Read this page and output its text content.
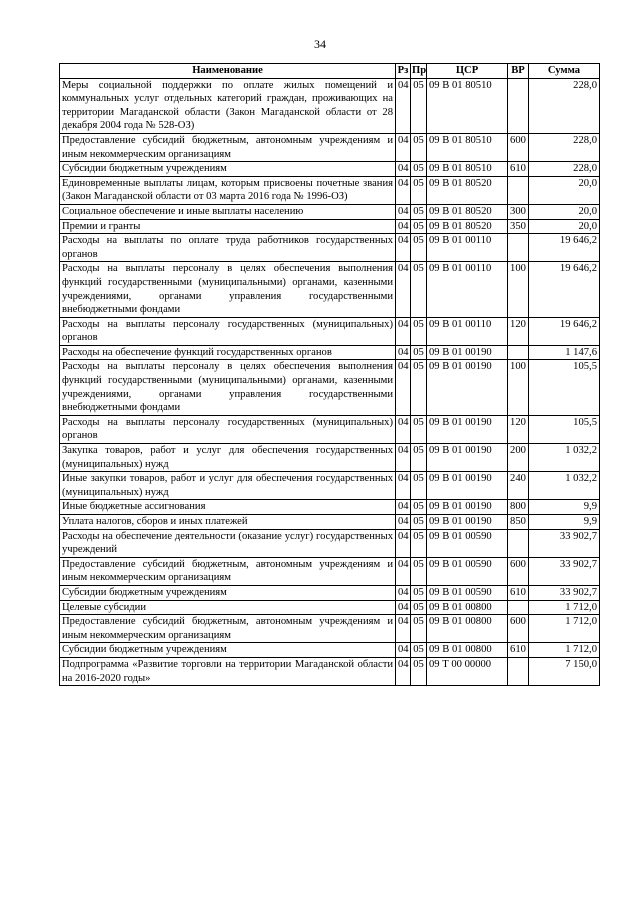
34
Наименование	Рз	Пр	ЦСР	ВР	Сумма
Меры социальной поддержки по оплате жилых помещений и коммунальных услуг отдельных категорий граждан, проживающих на территории Магаданской области (Закон Магаданской области от 28 декабря 2004 года № 528-ОЗ)	04	05	09 В 01 80510		228,0
Предоставление субсидий бюджетным, автономным учреждениям и иным некоммерческим организациям	04	05	09 В 01 80510	600	228,0
Субсидии бюджетным учреждениям	04	05	09 В 01 80510	610	228,0
Единовременные выплаты лицам, которым присвоены почетные звания (Закон Магаданской области от 03 марта 2016 года № 1996-ОЗ)	04	05	09 В 01 80520		20,0
Социальное обеспечение и иные выплаты населению	04	05	09 В 01 80520	300	20,0
Премии и гранты	04	05	09 В 01 80520	350	20,0
Расходы на выплаты по оплате труда работников государственных органов	04	05	09 В 01 00110		19 646,2
Расходы на выплаты персоналу в целях обеспечения выполнения функций государственными (муниципальными) органами, казенными учреждениями, органами управления государственными внебюджетными фондами	04	05	09 В 01 00110	100	19 646,2
Расходы на выплаты персоналу государственных (муниципальных) органов	04	05	09 В 01 00110	120	19 646,2
Расходы на обеспечение функций государственных органов	04	05	09 В 01 00190		1 147,6
Расходы на выплаты персоналу в целях обеспечения выполнения функций государственными (муниципальными) органами, казенными учреждениями, органами управления государственными внебюджетными фондами	04	05	09 В 01 00190	100	105,5
Расходы на выплаты персоналу государственных (муниципальных) органов	04	05	09 В 01 00190	120	105,5
Закупка товаров, работ и услуг для обеспечения государственных (муниципальных) нужд	04	05	09 В 01 00190	200	1 032,2
Иные закупки товаров, работ и услуг для обеспечения государственных (муниципальных) нужд	04	05	09 В 01 00190	240	1 032,2
Иные бюджетные ассигнования	04	05	09 В 01 00190	800	9,9
Уплата налогов, сборов и иных платежей	04	05	09 В 01 00190	850	9,9
Расходы на обеспечение деятельности (оказание услуг) государственных учреждений	04	05	09 В 01 00590		33 902,7
Предоставление субсидий бюджетным, автономным учреждениям и иным некоммерческим организациям	04	05	09 В 01 00590	600	33 902,7
Субсидии бюджетным учреждениям	04	05	09 В 01 00590	610	33 902,7
Целевые субсидии	04	05	09 В 01 00800		1 712,0
Предоставление субсидий бюджетным, автономным учреждениям и иным некоммерческим организациям	04	05	09 В 01 00800	600	1 712,0
Субсидии бюджетным учреждениям	04	05	09 В 01 00800	610	1 712,0
Подпрограмма «Развитие торговли на территории Магаданской области на 2016-2020 годы»	04	05	09 Т 00 00000		7 150,0
